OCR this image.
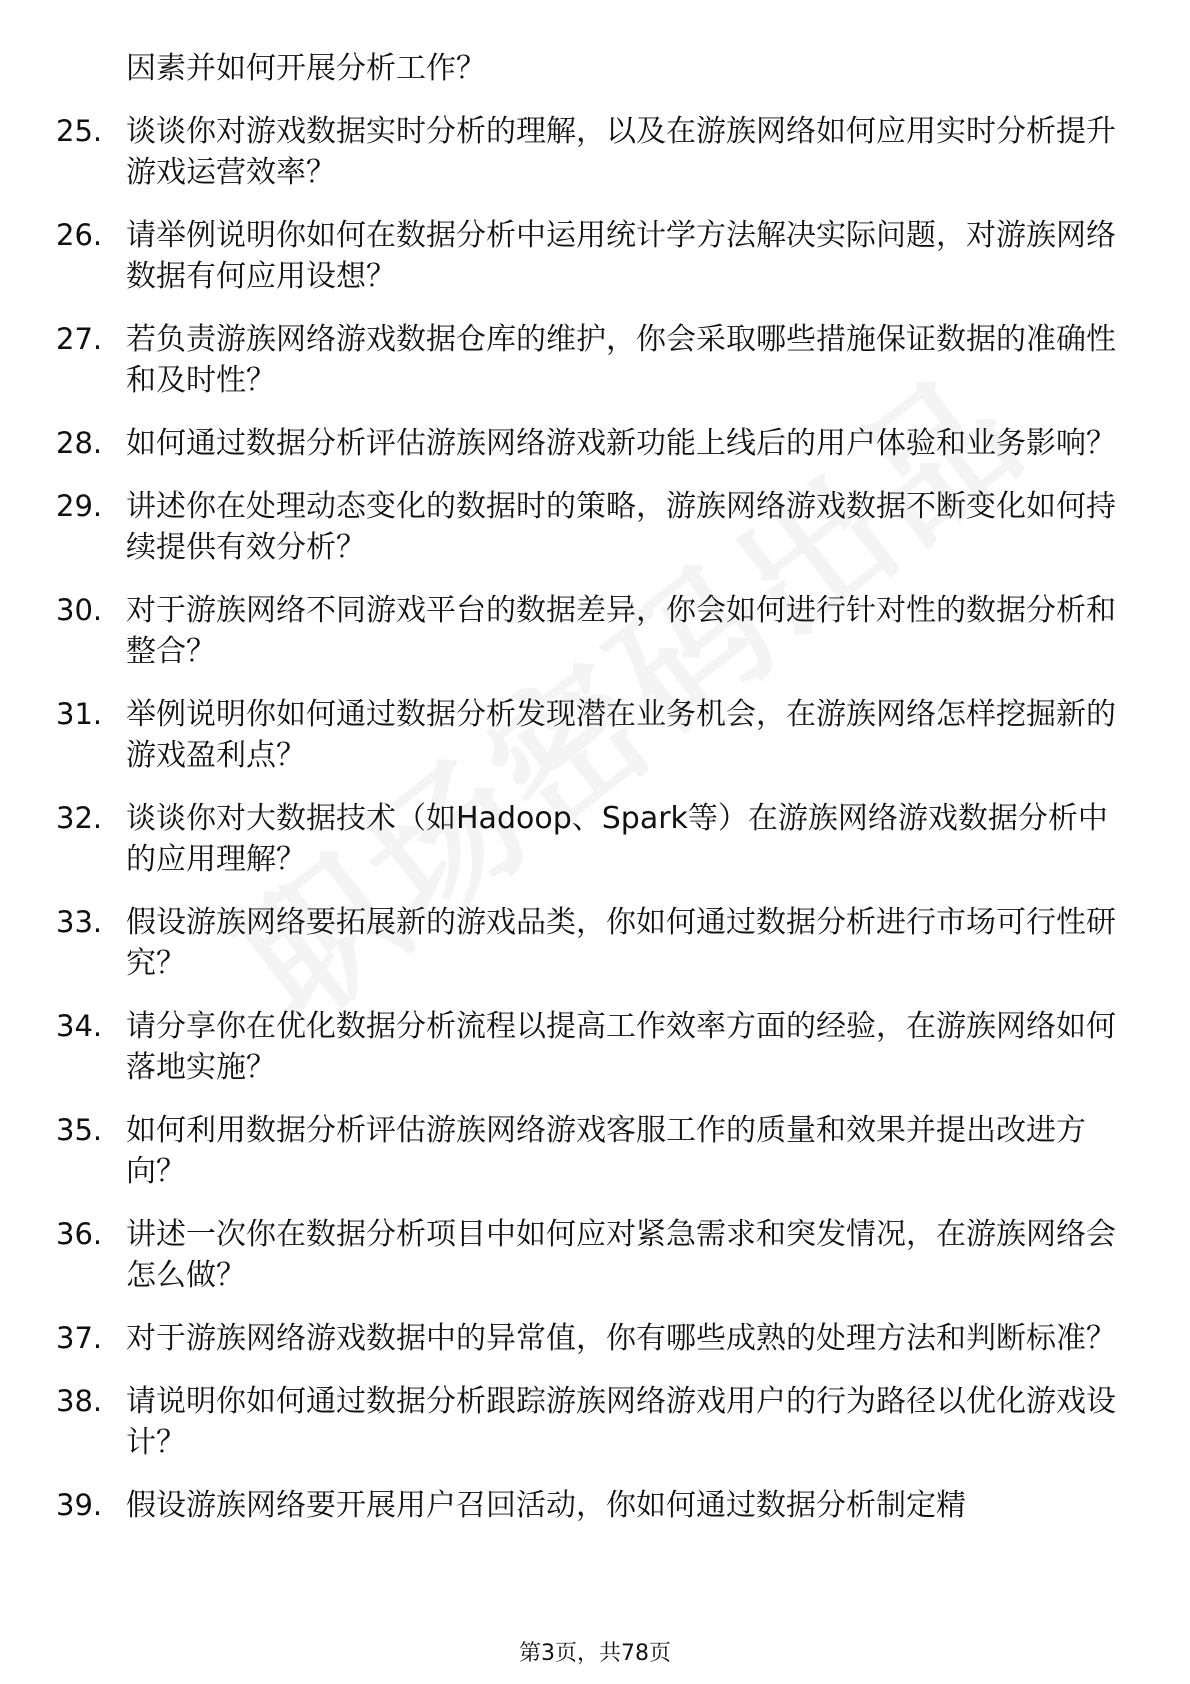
因素并如何开展分析工作？
25. 谈谈你对游戏数据实时分析的理解，以及在游族网络如何应用实时分析提升游戏运营效率？
26. 请举例说明你如何在数据分析中运用统计学方法解决实际问题，对游族网络数据有何应用设想？
27. 若负责游族网络游戏数据仓库的维护，你会采取哪些措施保证数据的准确性和及时性？
28. 如何通过数据分析评估游族网络游戏新功能上线后的用户体验和业务影响？
29. 讲述你在处理动态变化的数据时的策略，游族网络游戏数据不断变化如何持续提供有效分析？
30. 对于游族网络不同游戏平台的数据差异，你会如何进行针对性的数据分析和整合？
31. 举例说明你如何通过数据分析发现潜在业务机会，在游族网络怎样挖掘新的游戏盈利点？
32. 谈谈你对大数据技术（如Hadoop、Spark等）在游族网络游戏数据分析中的应用理解？
33. 假设游族网络要拓展新的游戏品类，你如何通过数据分析进行市场可行性研究？
34. 请分享你在优化数据分析流程以提高工作效率方面的经验，在游族网络如何落地实施？
35. 如何利用数据分析评估游族网络游戏客服工作的质量和效果并提出改进方向？
36. 讲述一次你在数据分析项目中如何应对紧急需求和突发情况，在游族网络会怎么做？
37. 对于游族网络游戏数据中的异常值，你有哪些成熟的处理方法和判断标准？
38. 请说明你如何通过数据分析跟踪游族网络游戏用户的行为路径以优化游戏设计？
39. 假设游族网络要开展用户召回活动，你如何通过数据分析制定精
第3页，共78页
